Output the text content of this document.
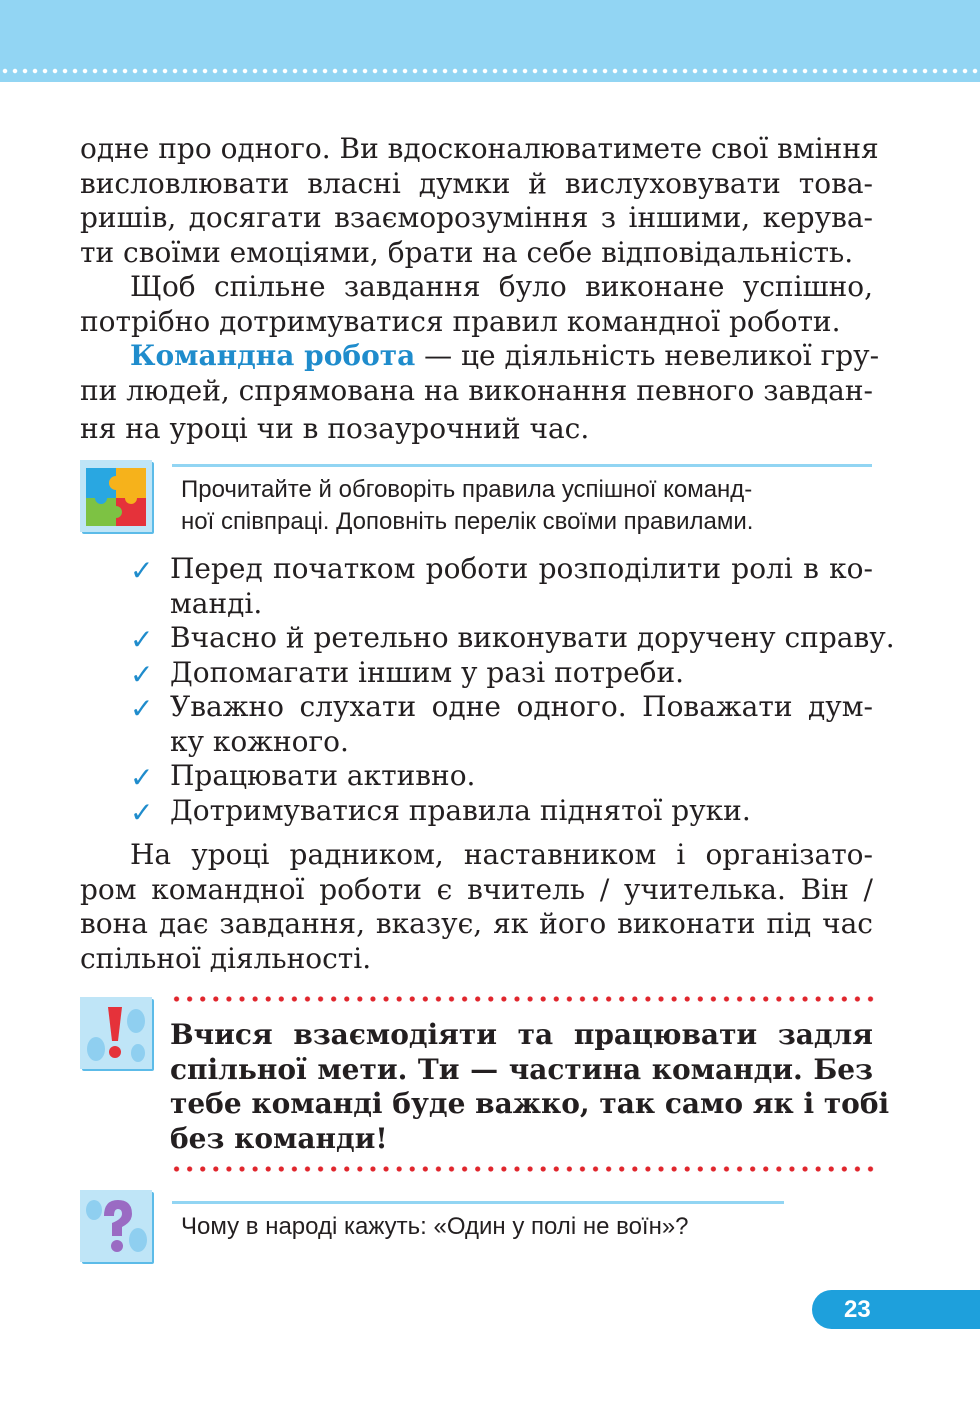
одне про одного. Ви вдосконалюватимете свої вміння
висловлювати власні думки й вислуховувати това-
ришів, досягати взаєморозуміння з іншими, керува-
ти своїми емоціями, брати на себе відповідальність.

Щоб спільне завдання було виконане успішно,
потрібно дотримуватися правил командної роботи.

Командна робота — це діяльність невеликої гру-
пи людей, спрямована на виконання певного завдан-
ня на уроці чи в позаурочний час.

Прочитайте й обговоріть правила успішної команд-
ної співпраці. Доповніть перелік своїми правилами.
✓ Перед початком роботи розподілити ролі в ко-
манді.
✓ Вчасно й ретельно виконувати доручену справу.
✓ Допомагати іншим у разі потреби.
✓ Уважно слухати одне одного. Поважати дум-
ку кожного.
✓ Працювати активно.
✓ Дотримуватися правила піднятої руки.

На уроці радником, наставником і організато-
ром командної роботи є вчитель / учителька. Він /
вона дає завдання, вказує, як його виконати під час
спільної діяльності.

Вчися взаємодіяти та працювати задля
спільної мети. Ти — частина команди. Без
тебе команді буде важко, так само як і тобі
без команди!
Чому в народі кажуть: «Один у полі не воїн»?
23
